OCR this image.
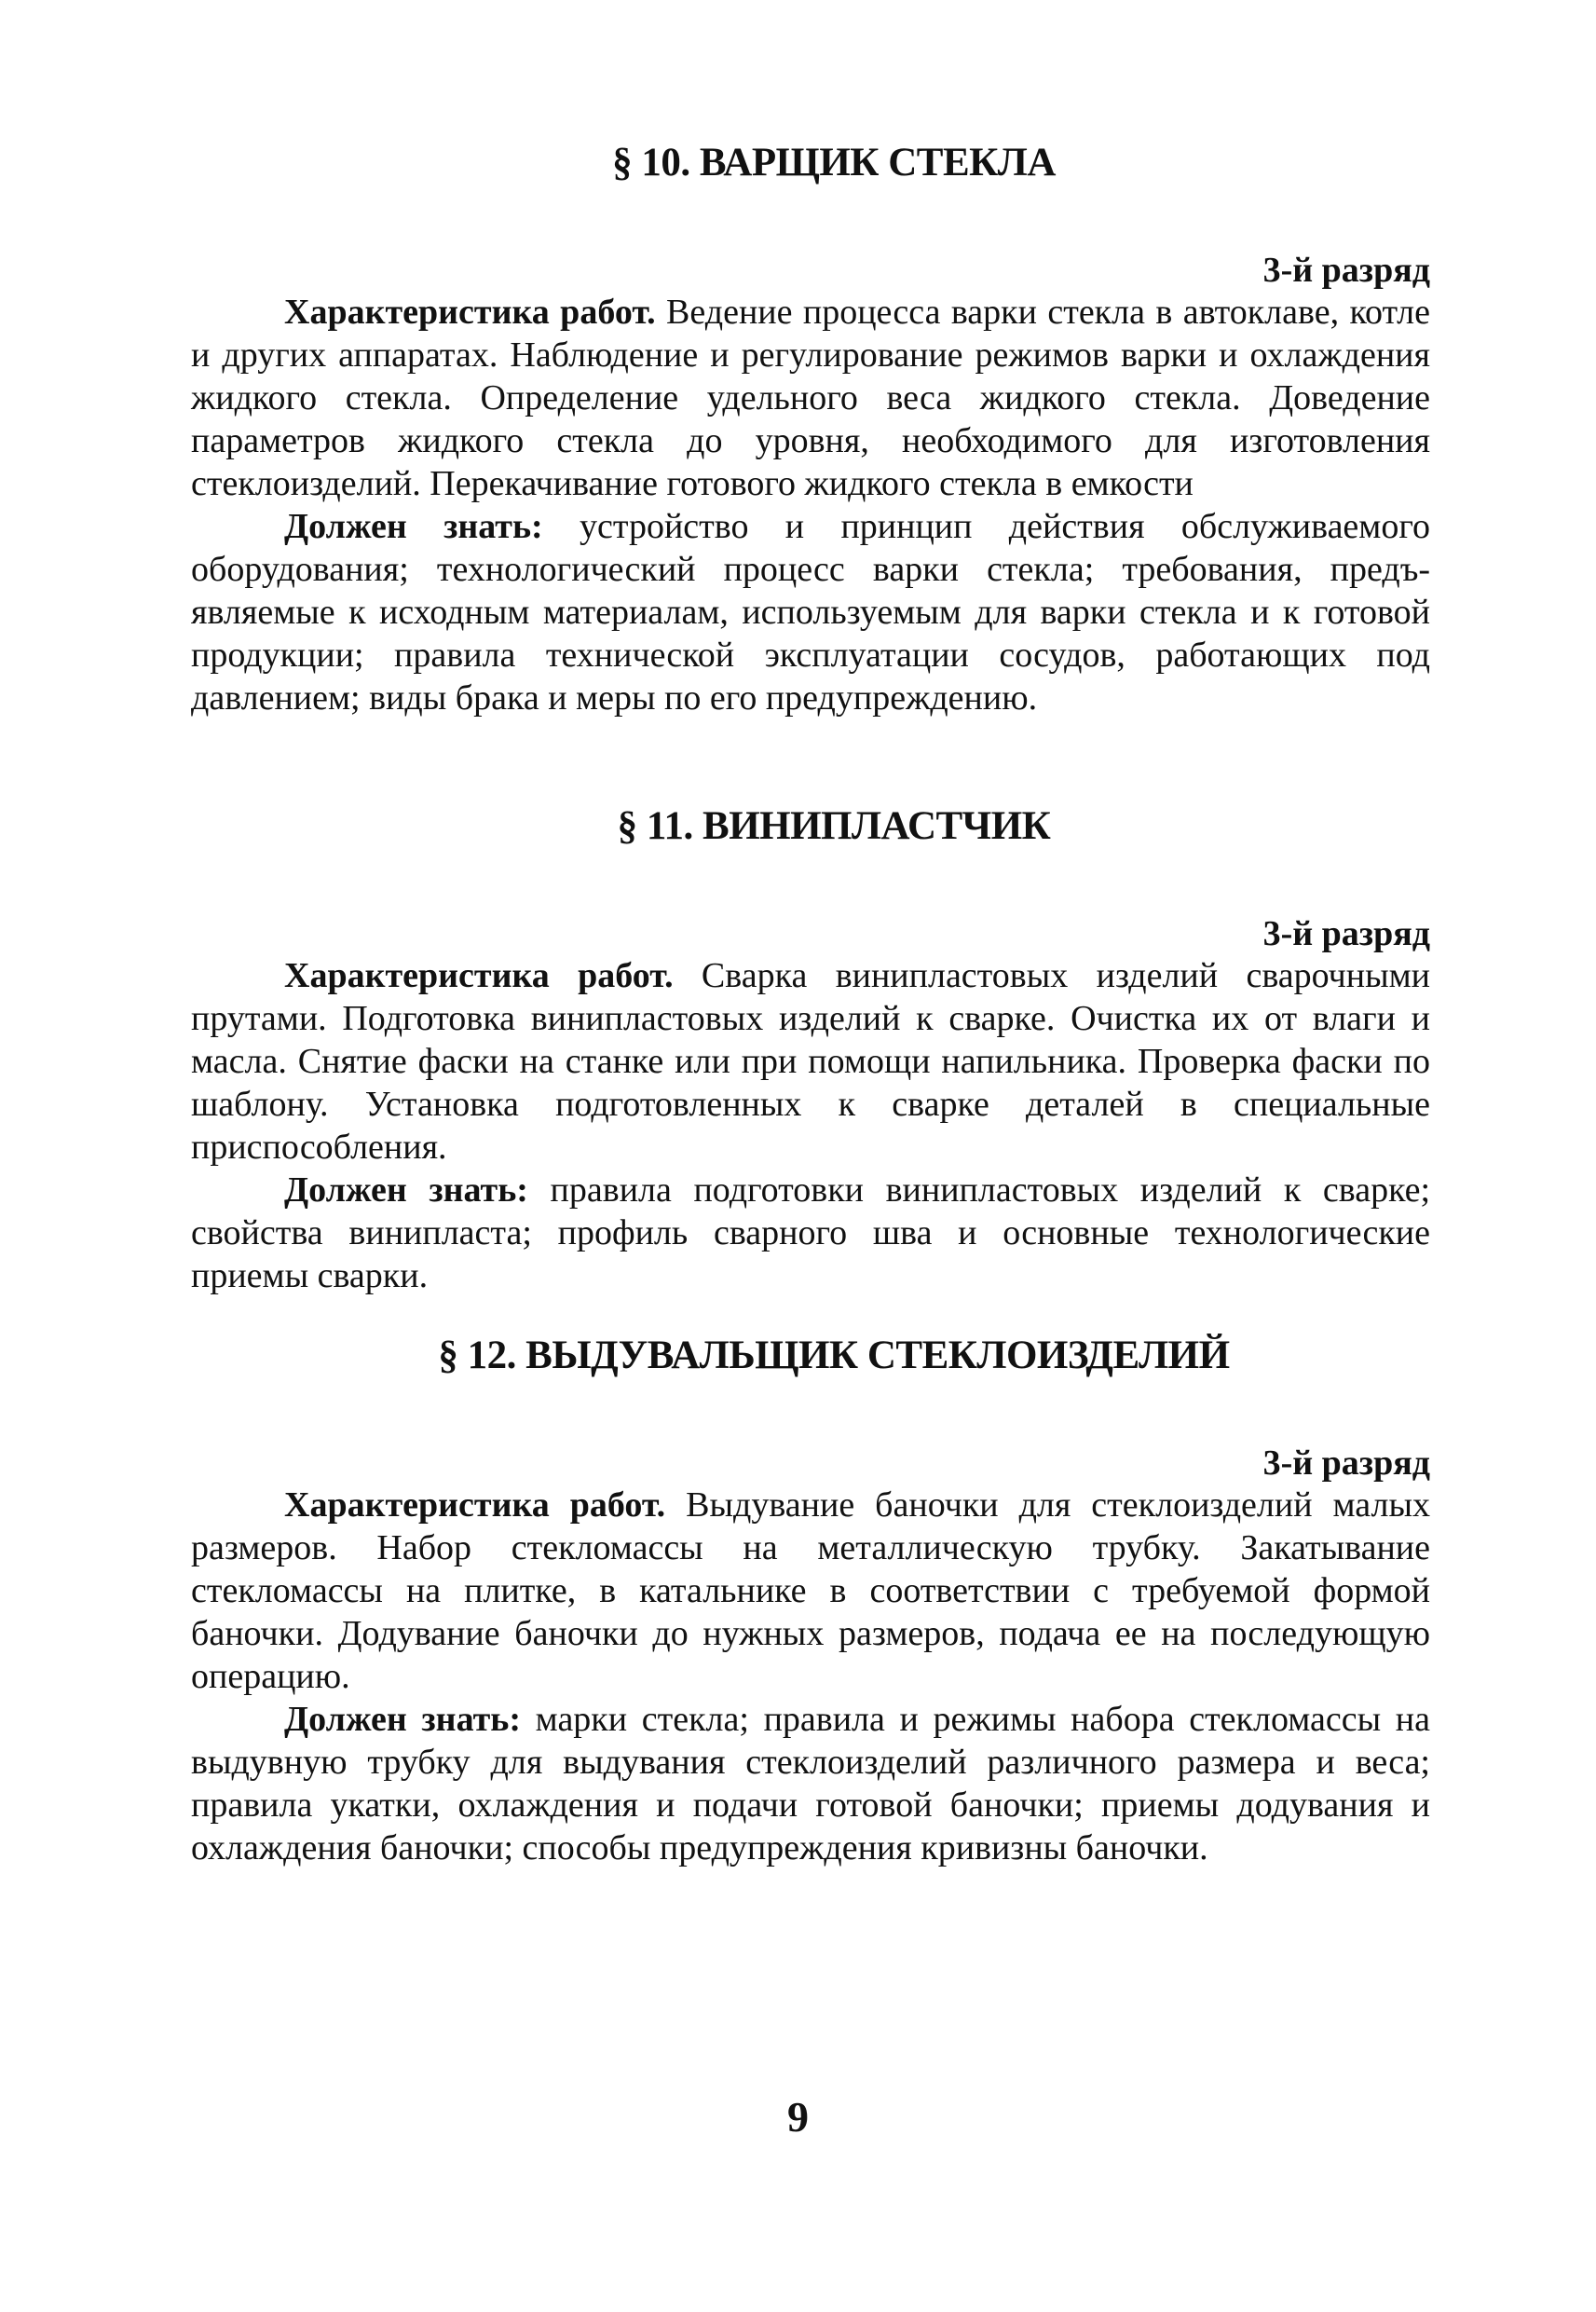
§ 10. ВАРЩИК СТЕКЛА
3-й разряд

Характеристика работ. Ведение процесса варки стекла в автоклаве, котле и других аппаратах. Наблюдение и регулирование режимов варки и охлаждения жидкого стекла. Определение удельного веса жидкого стекла. Доведение параметров жидкого стекла до уровня, необходимого для изготовления стеклоизделий. Перекачивание готового жидкого стекла в емкости

Должен знать: устройство и принцип действия обслуживаемого оборудования; технологический процесс варки стекла; требования, предъявляемые к исходным материалам, используемым для варки стекла и к готовой продукции; правила технической эксплуатации сосудов, работающих под давлением; виды брака и меры по его предупреждению.

§ 11. ВИНИПЛАСТЧИК
3-й разряд

Характеристика работ. Сварка винипластовых изделий сварочными прутами. Подготовка винипластовых изделий к сварке. Очистка их от влаги и масла. Снятие фаски на станке или при помощи напильника. Проверка фаски по шаблону. Установка подготовленных к сварке деталей в специальные приспособления.

Должен знать: правила подготовки винипластовых изделий к сварке; свойства винипласта; профиль сварного шва и основные технологические приемы сварки.

§ 12. ВЫДУВАЛЬЩИК СТЕКЛОИЗДЕЛИЙ
3-й разряд

Характеристика работ. Выдувание баночки для стеклоизделий малых размеров. Набор стекломассы на металлическую трубку. Закатывание стекломассы на плитке, в катальнике в соответствии с требуемой формой баночки. Додувание баночки до нужных размеров, подача ее на последующую операцию.

Должен знать: марки стекла; правила и режимы набора стекломассы на выдувную трубку для выдувания стеклоизделий различного размера и веса; правила укатки, охлаждения и подачи готовой баночки; приемы додувания и охлаждения баночки; способы предупреждения кривизны баночки.

9
